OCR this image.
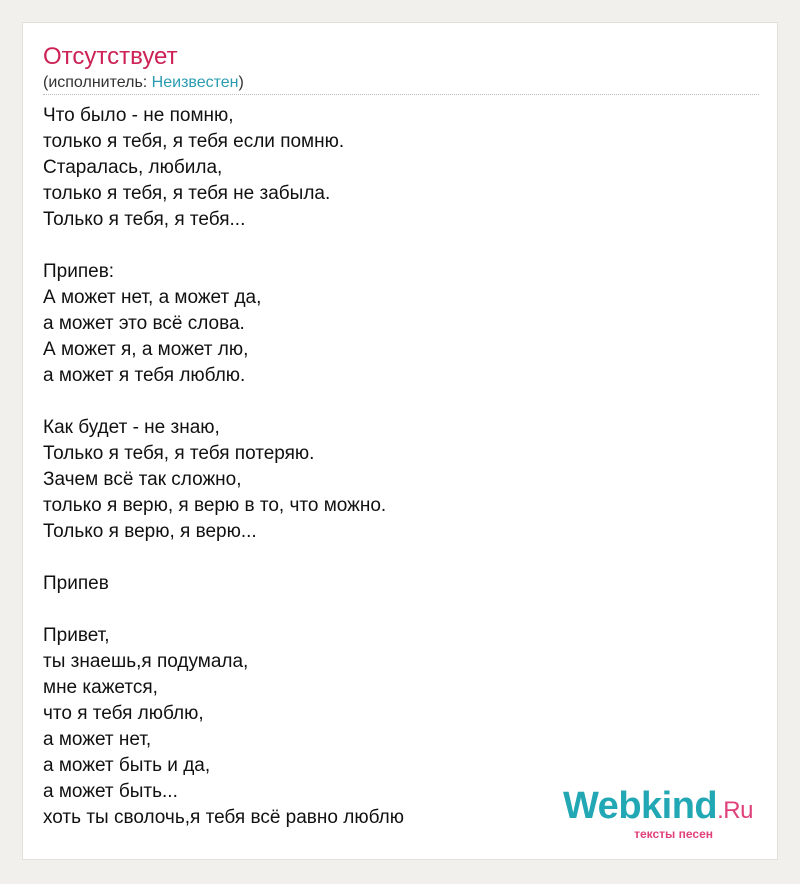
Отсутствует
(исполнитель: Неизвестен)
Что было - не помню,
только я тебя, я тебя если помню.
Старалась, любила,
только я тебя, я тебя не забыла.
Только я тебя, я тебя...
Припев:
А может нет, а может да,
а может это всё слова.
А может я, а может лю,
а может я тебя люблю.
Как будет - не знаю,
Только я тебя, я тебя потеряю.
Зачем всё так сложно,
только я верю, я верю в то, что можно.
Только я верю, я верю...
Припев
Привет,
ты знаешь,я подумала,
мне кажется,
что я тебя люблю,
а может нет,
а может быть и да,
а может быть...
хоть ты сволочь,я тебя всё равно люблю	Webkind.Ru
тексты песен
